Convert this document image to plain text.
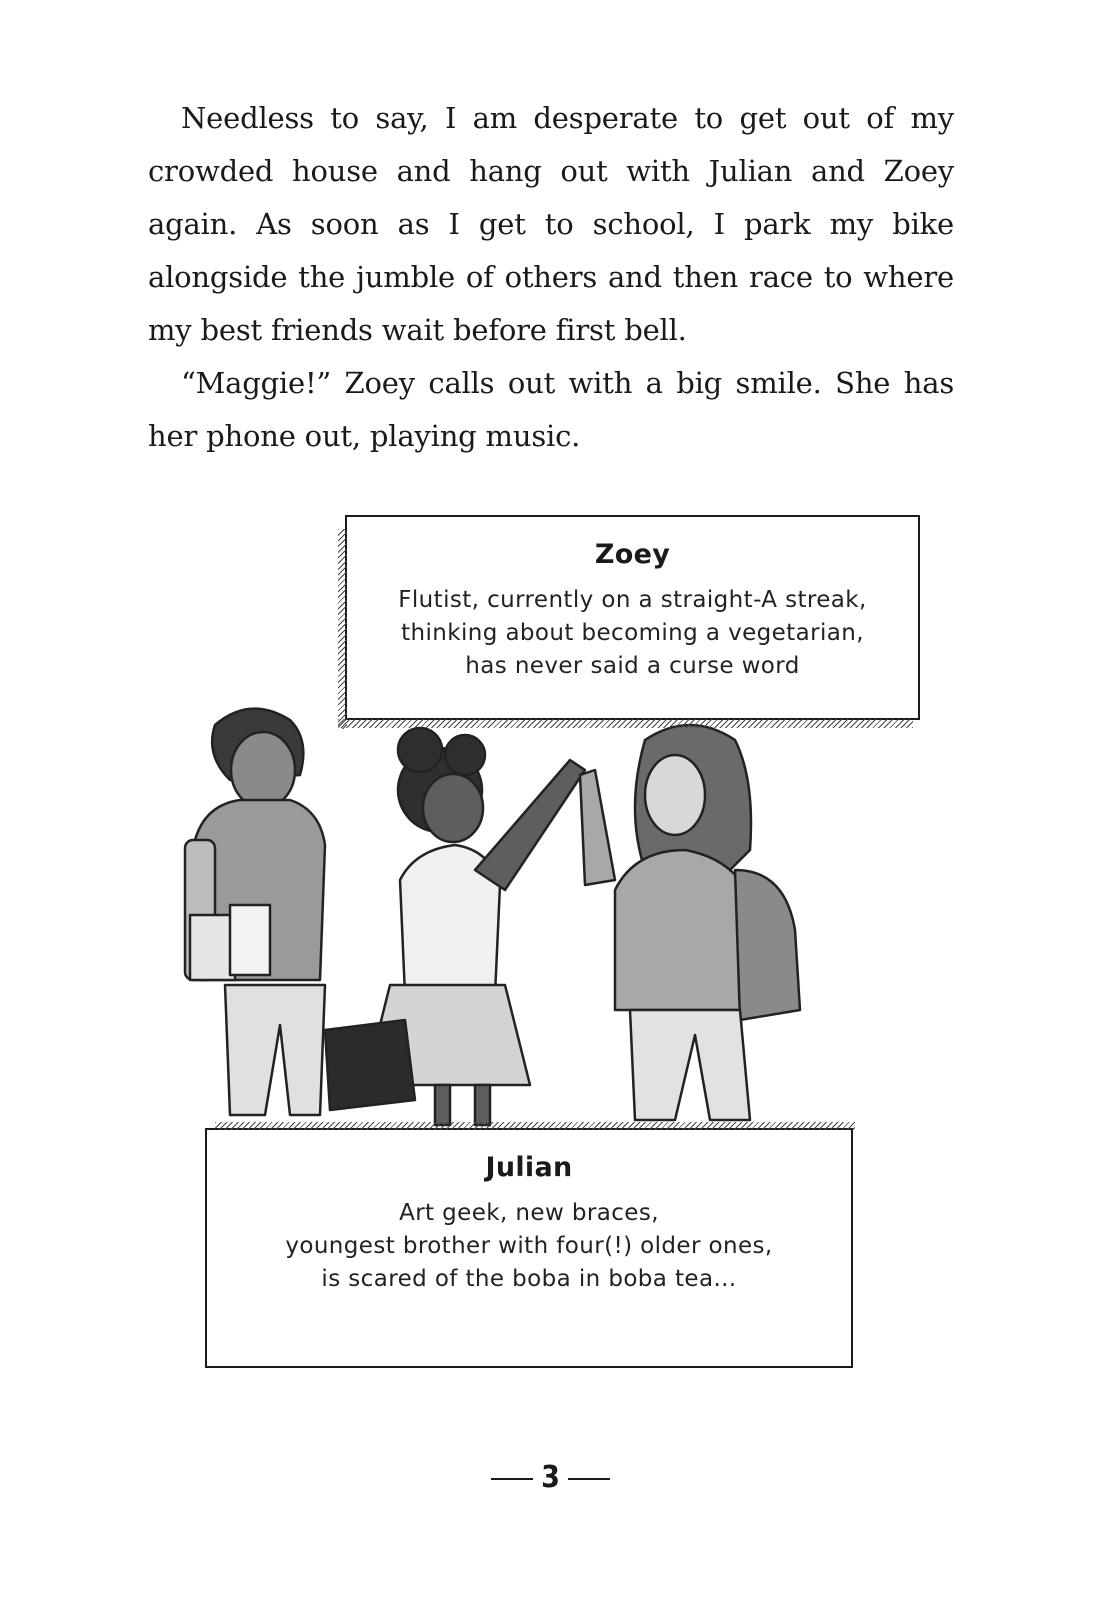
Needless to say, I am desperate to get out of my crowded house and hang out with Julian and Zoey again. As soon as I get to school, I park my bike alongside the jumble of others and then race to where my best friends wait before first bell.

“Maggie!” Zoey calls out with a big smile. She has her phone out, playing music.

Zoey
Flutist, currently on a straight-A streak,
thinking about becoming a vegetarian,
has never said a curse word
Julian
Art geek, new braces,
youngest brother with four(!) older ones,
is scared of the boba in boba tea...
3
